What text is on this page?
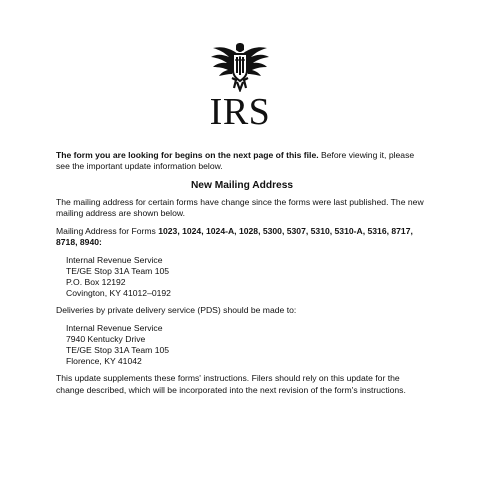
IRS

The form you are looking for begins on the next page of this file. Before viewing it, please see the important update information below.

New Mailing Address

The mailing address for certain forms have change since the forms were last published. The new mailing address are shown below.

Mailing Address for Forms 1023, 1024, 1024-A, 1028, 5300, 5307, 5310, 5310-A, 5316, 8717, 8718, 8940:

Internal Revenue Service
TE/GE Stop 31A Team 105
P.O. Box 12192
Covington, KY 41012–0192

Deliveries by private delivery service (PDS) should be made to:

Internal Revenue Service
7940 Kentucky Drive
TE/GE Stop 31A Team 105
Florence, KY 41042

This update supplements these forms' instructions. Filers should rely on this update for the change described, which will be incorporated into the next revision of the form's instructions.
